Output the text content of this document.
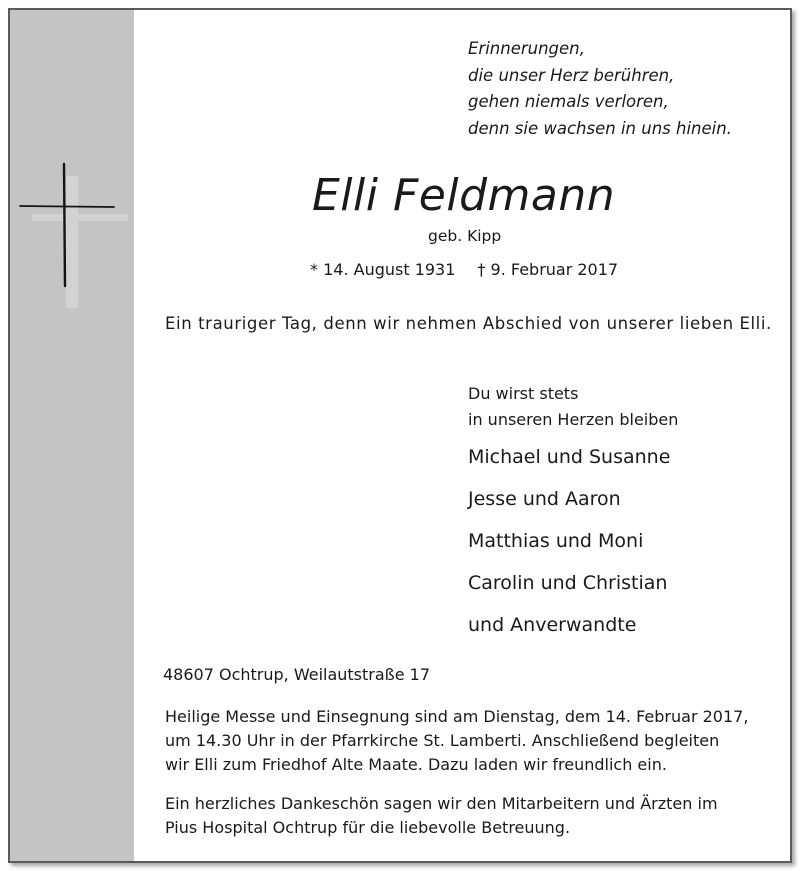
Erinnerungen,
die unser Herz berühren,
gehen niemals verloren,
denn sie wachsen in uns hinein.
Elli Feldmann
geb. Kipp
* 14. August 1931 † 9. Februar 2017
Ein trauriger Tag, denn wir nehmen Abschied von unserer lieben Elli.
Du wirst stets
in unseren Herzen bleiben
Michael und Susanne
Jesse und Aaron
Matthias und Moni
Carolin und Christian
und Anverwandte
48607 Ochtrup, Weilautstraße 17
Heilige Messe und Einsegnung sind am Dienstag, dem 14. Februar 2017,
um 14.30 Uhr in der Pfarrkirche St. Lamberti. Anschließend begleiten
wir Elli zum Friedhof Alte Maate. Dazu laden wir freundlich ein.
Ein herzliches Dankeschön sagen wir den Mitarbeitern und Ärzten im
Pius Hospital Ochtrup für die liebevolle Betreuung.
